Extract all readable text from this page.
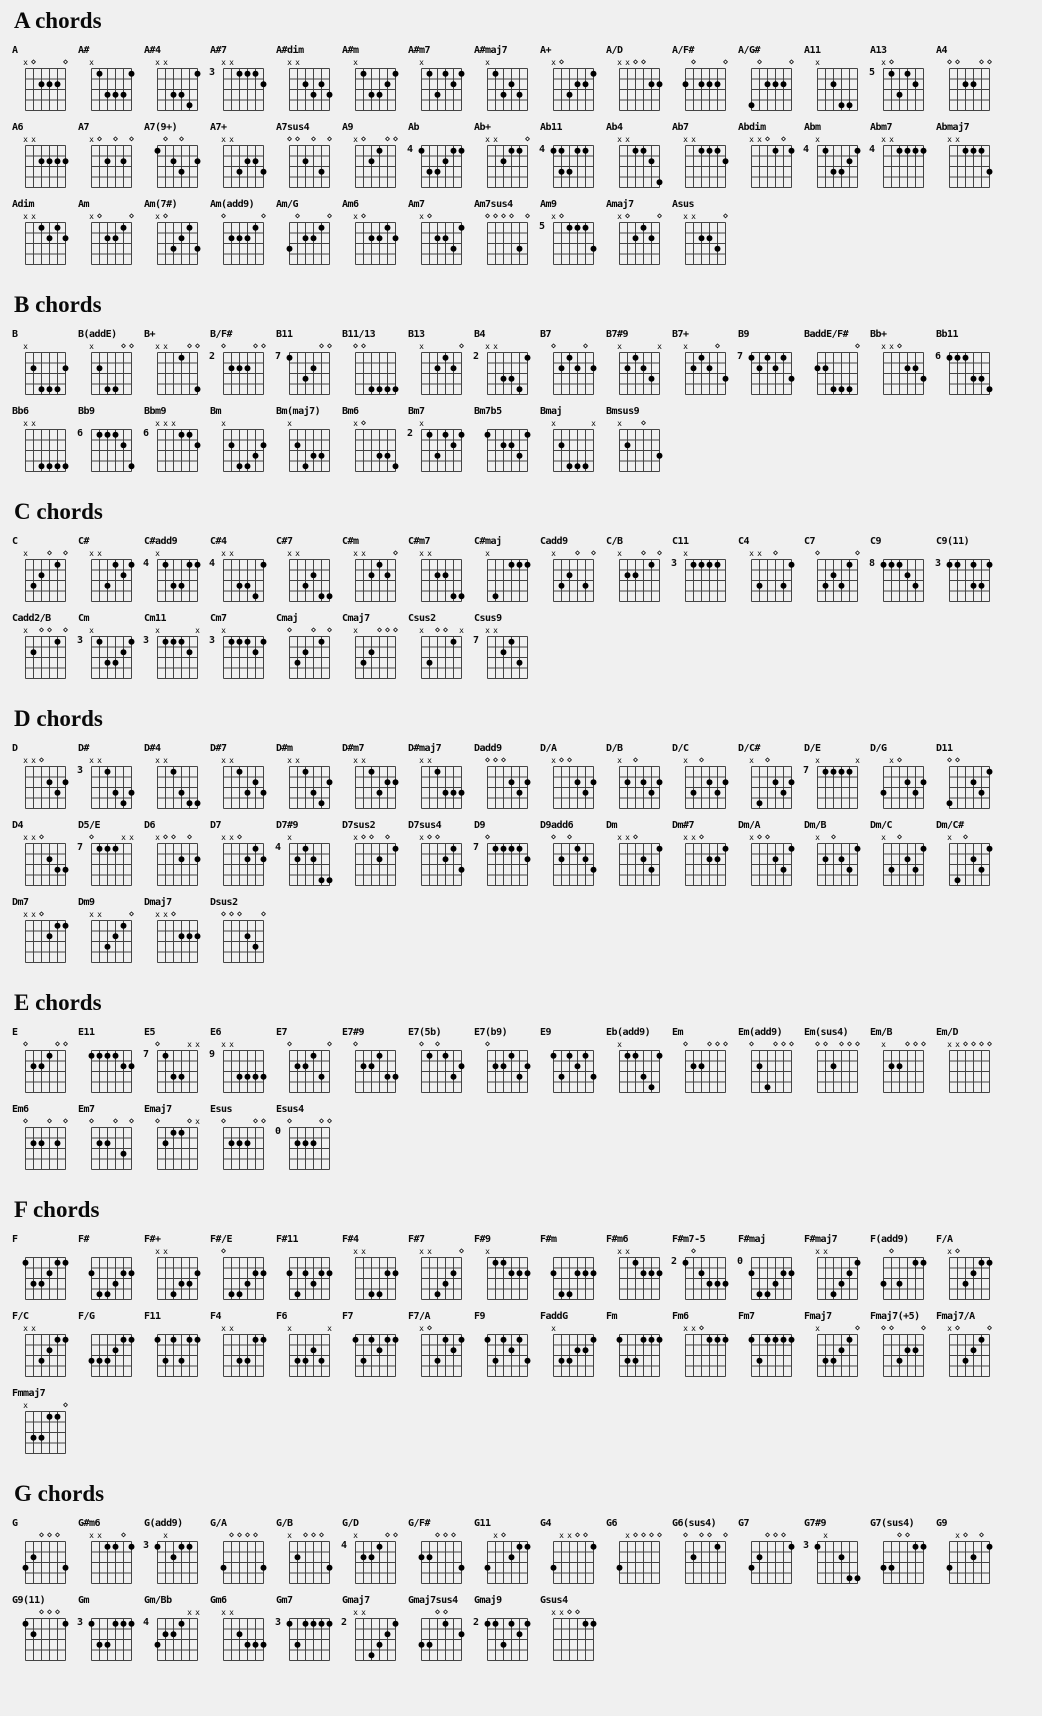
A chords
A
x ⋄	⋄
A#
x
A#4
x x
A#7
3
x x
A#dim
x x
A#m
x
A#m7
x
A#maj7
x
A+
x ⋄
A/D
x x ⋄ ⋄
A/F#
⋄	⋄
A/G#
⋄	⋄
A11
x
A13
5
x ⋄
A4
⋄ ⋄ ⋄ ⋄
A6
x x
A7
x ⋄ ⋄ ⋄
A7(9+)
⋄ ⋄
A7+
x x
A7sus4
⋄ ⋄ ⋄ ⋄
A9
x ⋄ ⋄ ⋄
Ab
4
Ab+
x x	⋄
Ab11
4
Ab4
x x
Ab7
x x
Abdim
x x ⋄ ⋄
Abm
4
x
Abm7
4
x x
Abmaj7
x x
Adim
x x
Am
x ⋄	⋄
Am(7#)
x ⋄
Am(add9)
⋄	⋄
Am/G
⋄	⋄
Am6
x ⋄
Am7
x ⋄
Am7sus4
⋄ ⋄ ⋄ ⋄ ⋄
Am9
5
x ⋄
Amaj7
x ⋄	⋄
Asus
x x	⋄
B chords
B
x
B(addE)
x	⋄ ⋄
B+
x x ⋄ ⋄
B/F#
2
⋄	⋄ ⋄
B11
7
⋄ ⋄
B11/13
⋄ ⋄
B13
x	⋄
B4
2
x x
B7
⋄	⋄
B7#9
x	x
B7+
x	⋄
B9
7
BaddE/F#
⋄
Bb+
x x ⋄
Bb11
6
Bb6
x x
Bb9
6
Bbm9
6
x x x
Bm
x
Bm(maj7)
x
Bm6
x ⋄
Bm7
2
x
Bm7b5	Bmaj
x	x
Bmsus9
x ⋄
C chords
C
x ⋄ ⋄
C#
x x
C#add9
4
x
C#4
4
x x
C#7
x x
C#m
x x	⋄
C#m7
x x
C#maj
x
Cadd9
x ⋄ ⋄
C/B
x ⋄ ⋄
C11
3
x
C4
x x ⋄
C7
⋄	⋄
C9
8
C9(11)
3
Cadd2/B
x ⋄ ⋄ ⋄
Cm
3
x
Cm11
3
x	x
Cm7
3
x
Cmaj
⋄ ⋄ ⋄
Cmaj7
x ⋄ ⋄ ⋄
Csus2
x ⋄ ⋄ x
Csus9
7
x x
D chords
D
x x ⋄
D#
3
x x
D#4
x x
D#7
x x
D#m
x x
D#m7
x x
D#maj7
x x
Dadd9
⋄ ⋄ ⋄
D/A
x ⋄ ⋄
D/B
x ⋄
D/C
x ⋄
D/C#
x ⋄
D/E
7
x	x
D/G
x ⋄
D11
⋄ ⋄
D4
x x ⋄
D5/E
7
⋄	x x
D6
x ⋄ ⋄ ⋄
D7
x x ⋄
D7#9
4
x
D7sus2
x ⋄ ⋄ ⋄
D7sus4
x ⋄ ⋄
D9
7
⋄
D9add6
⋄ ⋄
Dm
x x ⋄
Dm#7
x x ⋄
Dm/A
x ⋄ ⋄
Dm/B
x ⋄
Dm/C
x ⋄
Dm/C#
x ⋄
Dm7
x x ⋄
Dm9
x x	⋄
Dmaj7
x x ⋄
Dsus2
⋄ ⋄ ⋄ ⋄
E chords
E
⋄	⋄ ⋄
E11	E5
7
⋄	x x
E6
9
x x
E7
⋄	⋄
E7#9
⋄
E7(5b)
⋄ ⋄
E7(b9)
⋄
E9	Eb(add9)
x
Em
⋄ ⋄ ⋄ ⋄
Em(add9)
⋄ ⋄ ⋄ ⋄
Em(sus4)
⋄ ⋄ ⋄ ⋄ ⋄
Em/B
x ⋄ ⋄ ⋄
Em/D
x x ⋄ ⋄ ⋄ ⋄
Em6
⋄ ⋄ ⋄
Em7
⋄ ⋄ ⋄
Emaj7
⋄	⋄ x
Esus
⋄	⋄ ⋄
Esus4
0
⋄	⋄ ⋄
F chords
F	F#	F#+
x x
F#/E
⋄
F#11	F#4
x x
F#7
x x	⋄
F#9
x
F#m	F#m6
x x
F#m7-5
2
⋄
F#maj
0
F#maj7
x x
F(add9)
⋄
F/A
x ⋄
F/C
x x
F/G	F11	F4
x x
F6
x	x
F7	F7/A
x ⋄
F9	FaddG
x
Fm	Fm6
x x ⋄
Fm7	Fmaj7
x	⋄
Fmaj7(+5)
⋄ ⋄	⋄
Fmaj7/A
x ⋄	⋄
Fmmaj7
x	⋄
G chords
G
⋄ ⋄ ⋄
G#m6
x x ⋄
G(add9)
3
x
G/A
⋄ ⋄ ⋄ ⋄
G/B
x ⋄ ⋄ ⋄
G/D
4
x	⋄ ⋄
G/F#
⋄ ⋄ ⋄
G11
x ⋄
G4
x x ⋄ ⋄
G6
x ⋄ ⋄ ⋄ ⋄
G6(sus4)
⋄ ⋄ ⋄ ⋄
G7
⋄ ⋄ ⋄
G7#9
3
x
G7(sus4)
⋄ ⋄
G9
x ⋄ ⋄
G9(11)
⋄ ⋄ ⋄
Gm
3
Gm/Bb
4
x x
Gm6
x x
Gm7
3
Gmaj7
2
x x
Gmaj7sus4
⋄ ⋄
Gmaj9
2
Gsus4
x x ⋄ ⋄
